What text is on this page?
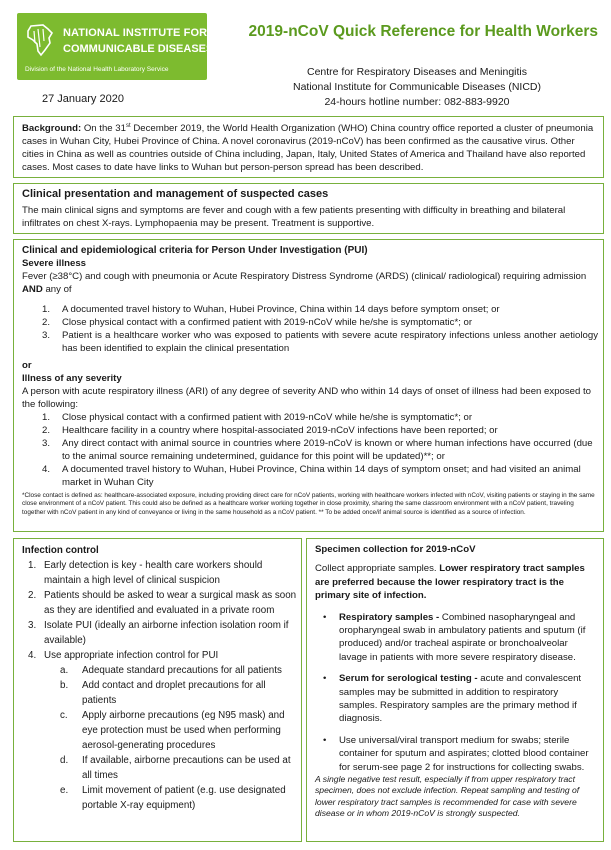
NATIONAL INSTITUTE FOR
COMMUNICABLE DISEASES
Division of the National Health Laboratory Service
2019-nCoV Quick Reference for Health Workers
Centre for Respiratory Diseases and Meningitis
National Institute for Communicable Diseases (NICD)
24-hours hotline number: 082-883-9920
27 January 2020
Background: On the 31st December 2019, the World Health Organization (WHO) China country office reported a cluster of pneumonia cases in Wuhan City, Hubei Province of China. A novel coronavirus (2019-nCoV) has been confirmed as the causative virus. Other cities in China as well as countries outside of China including, Japan, Italy, United States of America and Thailand have also reported cases. Most cases to date have links to Wuhan but person-person spread has been described.
Clinical presentation and management of suspected cases
The main clinical signs and symptoms are fever and cough with a few patients presenting with difficulty in breathing and bilateral infiltrates on chest X-rays. Lymphopaenia may be present. Treatment is supportive.
Clinical and epidemiological criteria for Person Under Investigation (PUI)
Severe illness
Fever (≥38°C) and cough with pneumonia or Acute Respiratory Distress Syndrome (ARDS) (clinical/ radiological) requiring admission AND any of
1. A documented travel history to Wuhan, Hubei Province, China within 14 days before symptom onset; or
2. Close physical contact with a confirmed patient with 2019-nCoV while he/she is symptomatic*; or
3. Patient is a healthcare worker who was exposed to patients with severe acute respiratory infections unless another aetiology has been identified to explain the clinical presentation
or
Illness of any severity
A person with acute respiratory illness (ARI) of any degree of severity AND who within 14 days of onset of illness had been exposed to the following:
1. Close physical contact with a confirmed patient with 2019-nCoV while he/she is symptomatic*; or
2. Healthcare facility in a country where hospital-associated 2019-nCoV infections have been reported; or
3. Any direct contact with animal source in countries where 2019-nCoV is known or where human infections have occurred (due to the animal source remaining undetermined, guidance for this point will be updated)**; or
4. A documented travel history to Wuhan, Hubei Province, China within 14 days of symptom onset; and had visited an animal market in Wuhan City
*Close contact is defined as: healthcare-associated exposure, including providing direct care for nCoV patients, working with healthcare workers infected with nCoV, visiting patients or staying in the same close environment of a nCoV patient. This could also be defined as a healthcare worker working together in close proximity, sharing the same classroom environment with a nCoV patient, traveling together with nCoV patient in any kind of conveyance or living in the same household as a nCoV patient. ** To be added once/if animal source is identified as a source of infection.
Infection control
1. Early detection is key - health care workers should maintain a high level of clinical suspicion
2. Patients should be asked to wear a surgical mask as soon as they are identified and evaluated in a private room
3. Isolate PUI (ideally an airborne infection isolation room if available)
4. Use appropriate infection control for PUI
a. Adequate standard precautions for all patients
b. Add contact and droplet precautions for all patients
c. Apply airborne precautions (eg N95 mask) and eye protection must be used when performing aerosol-generating procedures
d. If available, airborne precautions can be used at all times
e. Limit movement of patient (e.g. use designated portable X-ray equipment)
Specimen collection for 2019-nCoV
Collect appropriate samples. Lower respiratory tract samples are preferred because the lower respiratory tract is the primary site of infection.
• Respiratory samples - Combined nasopharyngeal and oropharyngeal swab in ambulatory patients and sputum (if produced) and/or tracheal aspirate or bronchoalveolar lavage in patients with more severe respiratory disease.
• Serum for serological testing - acute and convalescent samples may be submitted in addition to respiratory samples. Respiratory samples are the primary method if diagnosis.
• Use universal/viral transport medium for swabs; sterile container for sputum and aspirates; clotted blood container for serum-see page 2 for instructions for collecting swabs.
A single negative test result, especially if from upper respiratory tract specimen, does not exclude infection. Repeat sampling and testing of lower respiratory tract samples is recommended for case with severe disease or in whom 2019-nCoV is strongly suspected.
